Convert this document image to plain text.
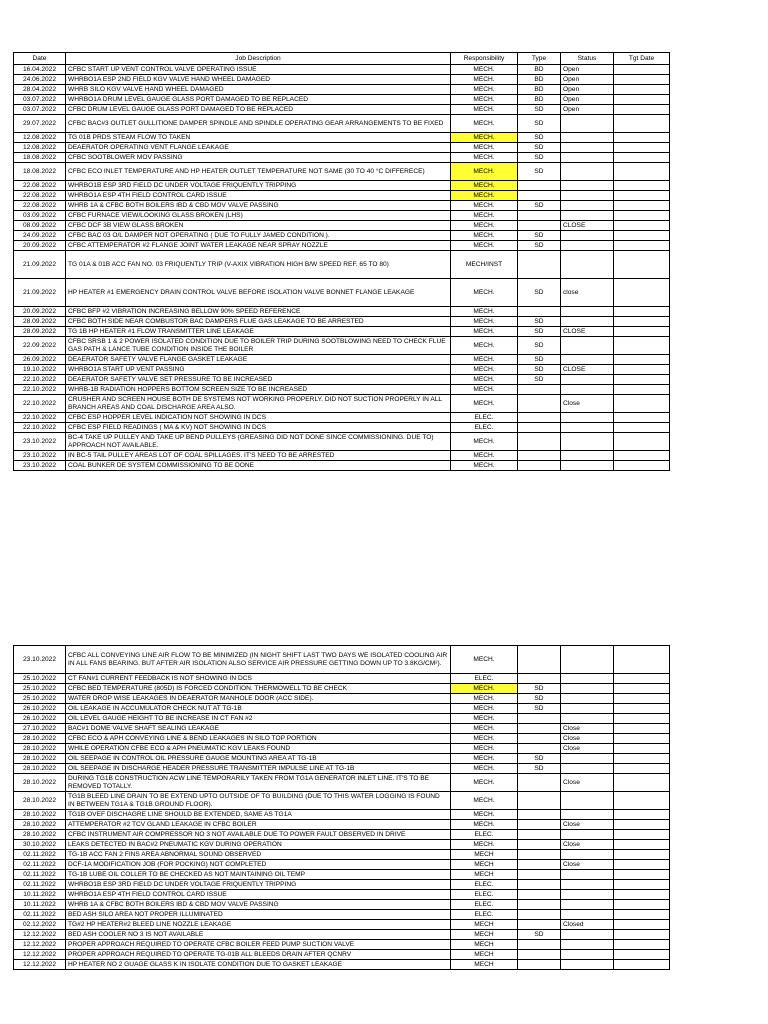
Date	Job Description	Responsibility	Type	Status	Tgt Date
16.04.2022	CFBC START UP VENT CONTROL VALVE OPERATING ISSUE	MECH.	BD	Open	
24.06.2022	WHRBO1A ESP 2ND FIELD KGV VALVE HAND WHEEL DAMAGED	MECH.	BD	Open	
28.04.2022	WHRB SILO KGV VALVE HAND WHEEL DAMAGED	MECH.	BD	Open	
03.07.2022	WHRBO1A DRUM LEVEL GAUGE GLASS PORT DAMAGED TO BE REPLACED	MECH.	BD	Open	
03.07.2022	CFBC DRUM LEVEL GAUGE GLASS PORT DAMAGED TO BE REPLACED	MECH.	SD	Open	
29.07.2022	CFBC BAC#3 OUTLET GULLITIONE DAMPER SPINDLE AND SPINDLE OPERATING GEAR ARRANGEMENTS TO BE FIXED	MECH.	SD		
12.08.2022	TG 01B PRDS STEAM FLOW TO TAKEN	MECH.	SD		
12.08.2022	DEAERATOR OPERATING VENT FLANGE LEAKAGE	MECH.	SD		
18.08.2022	CFBC SOOTBLOWER MOV PASSING	MECH.	SD		
18.08.2022	CFBC ECO INLET TEMPERATURE AND HP HEATER OUTLET TEMPERATURE NOT SAME (30 TO 40 °C DIFFERECE)	MECH.	SD		
22.08.2022	WHRBO1B ESP 3RD FIELD DC UNDER VOLTAGE FRIQUENTLY TRIPPING	MECH.			
22.08.2022	WHRBO1A ESP 4TH FIELD CONTROL CARD ISSUE	MECH.			
22.08.2022	WHRB 1A & CFBC BOTH BOILERS IBD & CBD MOV VALVE PASSING	MECH.	SD		
03.09.2022	CFBC FURNACE VIEW/LOOKING GLASS BROKEN (LHS)	MECH.			
08.09.2022	CFBC DCF 3B VIEW GLASS BROKEN	MECH.		CLOSE	
24.09.2022	CFBC BAC 03 O/L DAMPER NOT OPERATING ( DUE TO FULLY JAMED CONDITION ).	MECH.	SD		
20.09.2022	CFBC ATTEMPERATOR #2 FLANGE JOINT WATER LEAKAGE NEAR SPRAY NOZZLE	MECH.	SD		
21.09.2022	TG 01A & 01B ACC FAN NO. 03 FRIQUENTLY TRIP (V-AXIX VIBRATION HIGH B/W SPEED REF. 65 TO 80)	MECH/INST			
21.09.2022	HP HEATER #1 EMERGENCY DRAIN CONTROL VALVE BEFORE ISOLATION VALVE BONNET FLANGE LEAKAGE	MECH.	SD	close	
20.09.2022	CFBC BFP #2 VIBRATION INCREASING BELLOW 90% SPEED REFERENCE	MECH.			
28.09.2022	CFBC BOTH SIDE NEAR COMBUSTOR BAC DAMPERS FLUE GAS LEAKAGE TO BE ARRESTED	MECH.	SD		
28.09.2022	TG 1B HP HEATER #1 FLOW TRANSMITTER LINE LEAKAGE	MECH.	SD	CLOSE	
22.09.2022	CFBC SRSB 1 & 2 POWER ISOLATED CONDITION DUE TO BOILER TRIP DURING SOOTBLOWING NEED TO CHECK FLUE GAS PATH & LANCE TUBE CONDITION INSIDE THE BOILER	MECH.	SD		
26.09.2022	DEAERATOR SAFETY VALVE FLANGE GASKET LEAKAGE	MECH.	SD		
19.10.2022	WHRBO1A START UP VENT PASSING	MECH.	SD	CLOSE	
22.10.2022	DEAERATOR SAFETY VALVE SET PRESSURE TO BE INCREASED	MECH.	SD		
22.10.2022	WHRB-1B RADIATION HOPPERS BOTTOM SCREEN SIZE TO BE INCREASED	MECH.			
22.10.2022	CRUSHER AND SCREEN HOUSE BOTH DE SYSTEMS NOT WORKING PROPERLY. DID NOT SUCTION PROPERLY IN ALL BRANCH AREAS AND COAL DISCHARGE AREA ALSO.	MECH.		Close	
22.10.2022	CFBC ESP HOPPER LEVEL INDICATION NOT SHOWING IN DCS	ELEC.			
22.10.2022	CFBC ESP FIELD READINGS ( MA & KV) NOT SHOWING IN DCS	ELEC.			
23.10.2022	BC-4 TAKE UP PULLEY AND TAKE UP BEND PULLEYS (GREASING DID NOT DONE SINCE COMMISSIONING. DUE TO) APPROACH NOT AVAILABLE.	MECH.			
23.10.2022	IN BC-5 TAIL PULLEY AREAS LOT OF COAL SPILLAGES. IT'S NEED TO BE ARRESTED	MECH.			
23.10.2022	COAL BUNKER DE SYSTEM COMMISSIONING TO BE DONE	MECH.			
23.10.2022	CFBC ALL CONVEYING LINE AIR FLOW TO BE MINIMIZED (IN NIGHT SHIFT LAST TWO DAYS WE ISOLATED COOLING AIR IN ALL FANS BEARING. BUT AFTER AIR ISOLATION ALSO SERVICE AIR PRESSURE GETTING DOWN UP TO 3.8KG/CM²).	MECH.			
25.10.2022	CT FAN#1 CURRENT FEEDBACK IS NOT SHOWING IN DCS	ELEC.			
25.10.2022	CFBC BED TEMPERATURE (805D) IS FORCED CONDITION. THERMOWELL TO BE CHECK	MECH.	SD		
25.10.2022	WATER DROP WISE LEAKAGES IN DEAERATOR MANHOLE DOOR (ACC SIDE).	MECH.	SD		
26.10.2022	OIL LEAKAGE IN ACCUMULATOR CHECK NUT AT TG-1B	MECH.	SD		
26.10.2022	OIL LEVEL GAUGE HEIGHT TO BE INCREASE IN CT FAN #2	MECH.			
27.10.2022	BAC#1 DOME VALVE SHAFT SEALING LEAKAGE	MECH.		Close	
28.10.2022	CFBC ECO & APH CONVEYING LINE & BEND LEAKAGES IN SILO TOP PORTION	MECH.		Close	
28.10.2022	WHILE OPERATION CFBE ECO & APH PNEUMATIC KGV LEAKS FOUND	MECH.		Close	
28.10.2022	OIL SEEPAGE IN CONTROL OIL PRESSURE GAUGE MOUNTING AREA AT TG-1B	MECH.	SD		
28.10.2022	OIL SEEPAGE IN DISCHARGE HEADER PRESSURE TRANSMITTER IMPULSE LINE AT TG-1B	MECH.	SD		
28.10.2022	DURING TG1B CONSTRUCTION ACW LINE TEMPORARILY TAKEN FROM TG1A GENERATOR INLET LINE. IT'S TO BE REMOVED TOTALLY.	MECH.		Close	
28.10.2022	TG1B BLEED LINE DRAIN TO BE EXTEND UPTO OUTSIDE OF TG BUILDING (DUE TO THIS WATER LOGGING IS FOUND IN BETWEEN TG1A & TG1B GROUND FLOOR).	MECH.			
28.10.2022	TG1B OVEF DISCHAGRE LINE SHOULD BE EXTENDED, SAME AS TG1A	MECH.			
28.10.2022	ATTEMPERATOR #2 TCV GLAND LEAKAGE IN CFBC BOILER	MECH.		Close	
28.10.2022	CFBC INSTRUMENT AIR COMPRESSOR NO 3 NOT AVAILABLE DUE TO POWER FAULT OBSERVED IN DRIVE	ELEC.			
30.10.2022	LEAKS DETECTED IN BAC#2 PNEUMATIC KGV DURING OPERATION	MECH.		Close	
02.11.2022	TG-1B ACC FAN 2 FINS AREA ABNORMAL SOUND OBSERVED	MECH			
02.11.2022	DCF-1A MODIFICATION JOB (FOR POCKING) NOT COMPLETED	MECH		Close	
02.11.2022	TG-1B LUBE OIL COLLER TO BE CHECKED AS NOT MAINTAINING OIL TEMP	MECH			
02.11.2022	WHRBO1B ESP 3RD FIELD DC UNDER VOLTAGE FRIQUENTLY TRIPPING	ELEC.			
10.11.2022	WHRBO1A ESP 4TH FIELD CONTROL CARD ISSUE	ELEC.			
10.11.2022	WHRB 1A & CFBC BOTH BOILERS IBD & CBD MOV VALVE PASSING	ELEC.			
02.11.2022	BED ASH SILO AREA NOT PROPER ILLUMINATED	ELEC.			
02.12.2022	TG#2 HP HEATER#2 BLEED LINE NOZZLE LEAKAGE	MECH		Closed	
12.12.2022	BED ASH COOLER NO 3 IS NOT AVAILABLE	MECH	SD		
12.12.2022	PROPER APPROACH REQUIRED TO OPERATE CFBC BOILER FEED PUMP SUCTION VALVE	MECH			
12.12.2022	PROPER APPROACH REQUIRED TO OPERATE TG-01B ALL BLEEDS DRAIN AFTER QCNRV	MECH			
12.12.2022	HP HEATER NO 2 GUAGE GLASS K IN ISOLATE CONDITION DUE TO GASKET LEAKAGE	MECH			
